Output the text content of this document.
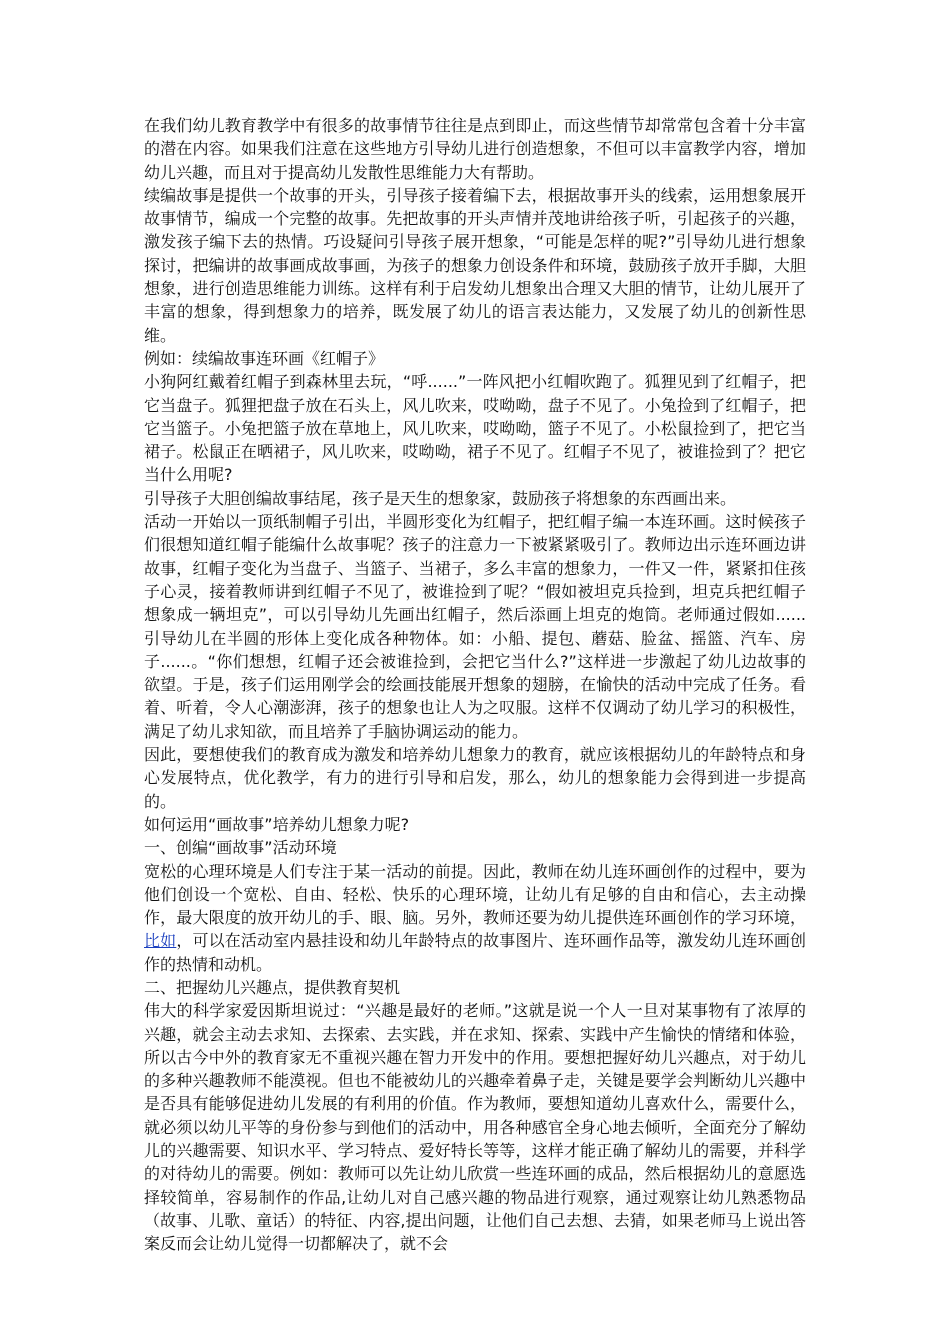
在我们幼儿教育教学中有很多的故事情节往往是点到即止，而这些情节却常常包含着十分丰富的潜在内容。如果我们注意在这些地方引导幼儿进行创造想象，不但可以丰富教学内容，增加幼儿兴趣，而且对于提高幼儿发散性思维能力大有帮助。

续编故事是提供一个故事的开头，引导孩子接着编下去，根据故事开头的线索，运用想象展开故事情节，编成一个完整的故事。先把故事的开头声情并茂地讲给孩子听，引起孩子的兴趣，激发孩子编下去的热情。巧设疑问引导孩子展开想象，“可能是怎样的呢?”引导幼儿进行想象探讨，把编讲的故事画成故事画，为孩子的想象力创设条件和环境，鼓励孩子放开手脚，大胆想象，进行创造思维能力训练。这样有利于启发幼儿想象出合理又大胆的情节，让幼儿展开了丰富的想象，得到想象力的培养，既发展了幼儿的语言表达能力，又发展了幼儿的创新性思维。

例如：续编故事连环画《红帽子》

小狗阿红戴着红帽子到森林里去玩，“呼......”一阵风把小红帽吹跑了。狐狸见到了红帽子，把它当盘子。狐狸把盘子放在石头上，风儿吹来，哎呦呦，盘子不见了。小兔捡到了红帽子，把它当篮子。小兔把篮子放在草地上，风儿吹来，哎呦呦，篮子不见了。小松鼠捡到了，把它当裙子。松鼠正在晒裙子，风儿吹来，哎呦呦，裙子不见了。红帽子不见了，被谁捡到了？把它当什么用呢?

引导孩子大胆创编故事结尾，孩子是天生的想象家，鼓励孩子将想象的东西画出来。

活动一开始以一顶纸制帽子引出，半圆形变化为红帽子，把红帽子编一本连环画。这时候孩子们很想知道红帽子能编什么故事呢？孩子的注意力一下被紧紧吸引了。教师边出示连环画边讲故事，红帽子变化为当盘子、当篮子、当裙子，多么丰富的想象力，一件又一件，紧紧扣住孩子心灵，接着教师讲到红帽子不见了，被谁捡到了呢？“假如被坦克兵捡到，坦克兵把红帽子想象成一辆坦克”，可以引导幼儿先画出红帽子，然后添画上坦克的炮筒。老师通过假如......引导幼儿在半圆的形体上变化成各种物体。如：小船、提包、蘑菇、脸盆、摇篮、汽车、房子......。“你们想想，红帽子还会被谁捡到，会把它当什么?”这样进一步激起了幼儿边故事的欲望。于是，孩子们运用刚学会的绘画技能展开想象的翅膀，在愉快的活动中完成了任务。看着、听着，令人心潮澎湃，孩子的想象也让人为之叹服。这样不仅调动了幼儿学习的积极性，满足了幼儿求知欲，而且培养了手脑协调运动的能力。

因此，要想使我们的教育成为激发和培养幼儿想象力的教育，就应该根据幼儿的年龄特点和身心发展特点，优化教学，有力的进行引导和启发，那么，幼儿的想象能力会得到进一步提高的。

如何运用“画故事”培养幼儿想象力呢?

一、创编“画故事”活动环境

宽松的心理环境是人们专注于某一活动的前提。因此，教师在幼儿连环画创作的过程中，要为他们创设一个宽松、自由、轻松、快乐的心理环境，让幼儿有足够的自由和信心，去主动操作，最大限度的放开幼儿的手、眼、脑。另外，教师还要为幼儿提供连环画创作的学习环境，比如，可以在活动室内悬挂设和幼儿年龄特点的故事图片、连环画作品等，激发幼儿连环画创作的热情和动机。

二、把握幼儿兴趣点，提供教育契机

伟大的科学家爱因斯坦说过：“兴趣是最好的老师。”这就是说一个人一旦对某事物有了浓厚的兴趣，就会主动去求知、去探索、去实践，并在求知、探索、实践中产生愉快的情绪和体验，所以古今中外的教育家无不重视兴趣在智力开发中的作用。要想把握好幼儿兴趣点，对于幼儿的多种兴趣教师不能漠视。但也不能被幼儿的兴趣牵着鼻子走，关键是要学会判断幼儿兴趣中是否具有能够促进幼儿发展的有利用的价值。作为教师，要想知道幼儿喜欢什么，需要什么，就必须以幼儿平等的身份参与到他们的活动中，用各种感官全身心地去倾听，全面充分了解幼儿的兴趣需要、知识水平、学习特点、爱好特长等等，这样才能正确了解幼儿的需要，并科学的对待幼儿的需要。例如：教师可以先让幼儿欣赏一些连环画的成品，然后根据幼儿的意愿选择较简单，容易制作的作品,让幼儿对自己感兴趣的物品进行观察，通过观察让幼儿熟悉物品（故事、儿歌、童话）的特征、内容,提出问题，让他们自己去想、去猜，如果老师马上说出答案反而会让幼儿觉得一切都解决了，就不会
